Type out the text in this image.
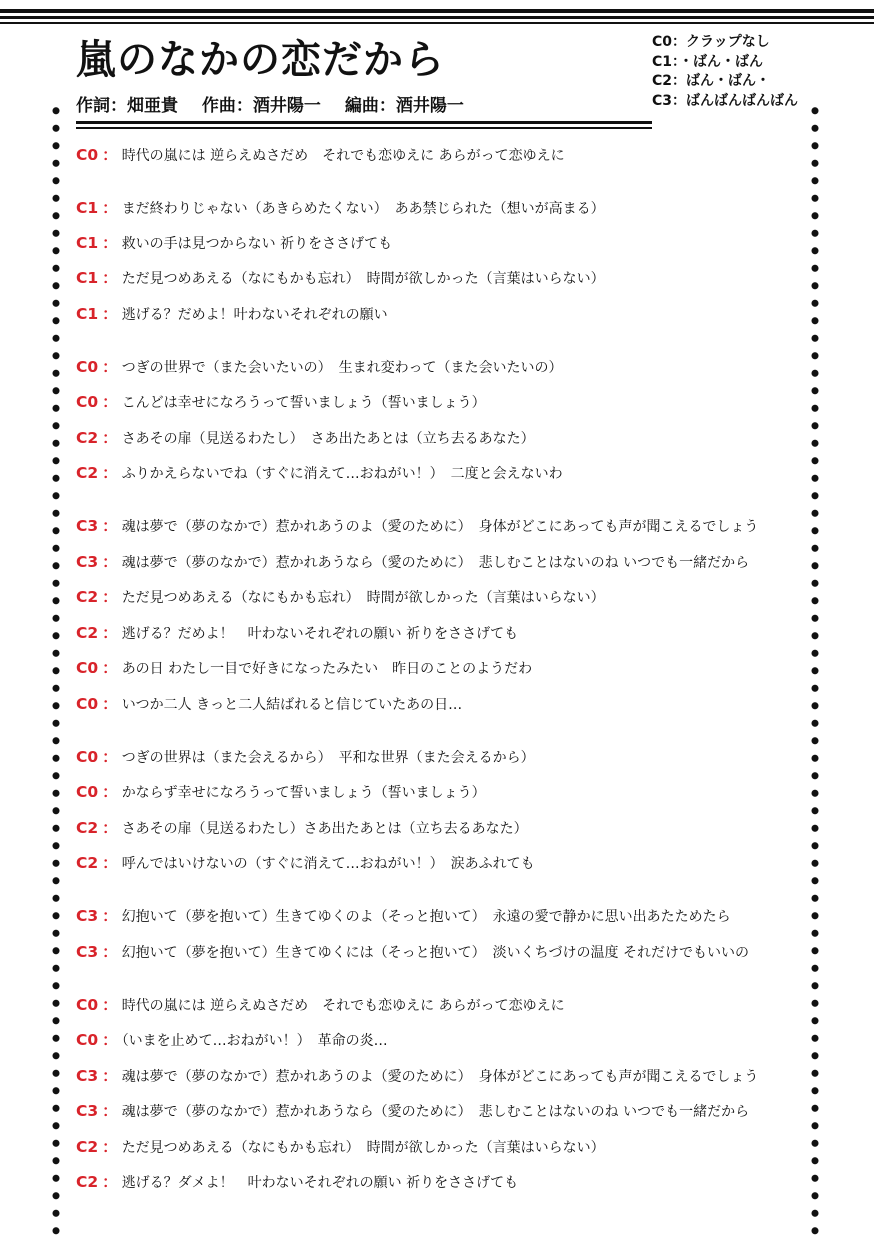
嵐のなかの恋だから
作詞：畑亜貴 作曲：酒井陽一 編曲：酒井陽一
C0：クラップなし
C1：・ばん・ばん
C2：ばん・ばん・
C3：ばんばんばんばん
C0 ： 時代の嵐には 逆らえぬさだめ　それでも恋ゆえに あらがって恋ゆえに
C1 ： まだ終わりじゃない（あきらめたくない）　ああ禁じられた（想いが高まる）
C1 ： 救いの手は見つからない 祈りをささげても
C1 ： ただ見つめあえる（なにもかも忘れ）　時間が欲しかった（言葉はいらない）
C1 ： 逃げる？だめよ！叶わないそれぞれの願い
C0 ： つぎの世界で（また会いたいの）　生まれ変わって（また会いたいの）
C0 ： こんどは幸せになろうって誓いましょう（誓いましょう）
C2 ： さあその扉（見送るわたし）　さあ出たあとは（立ち去るあなた）
C2 ： ふりかえらないでね（すぐに消えて…おねがい！）　二度と会えないわ
C3 ： 魂は夢で（夢のなかで）惹かれあうのよ（愛のために）　身体がどこにあっても声が聞こえるでしょう
C3 ： 魂は夢で（夢のなかで）惹かれあうなら（愛のために）　悲しむことはないのね いつでも一緒だから
C2 ： ただ見つめあえる（なにもかも忘れ）　時間が欲しかった（言葉はいらない）
C2 ： 逃げる？だめよ！　叶わないそれぞれの願い 祈りをささげても
C0 ： あの日 わたし一目で好きになったみたい　昨日のことのようだわ
C0 ： いつか二人 きっと二人結ばれると信じていたあの日…
C0 ： つぎの世界は（また会えるから）　平和な世界（また会えるから）
C0 ： かならず幸せになろうって誓いましょう（誓いましょう）
C2 ： さあその扉（見送るわたし）さあ出たあとは（立ち去るあなた）
C2 ： 呼んではいけないの（すぐに消えて…おねがい！）　涙あふれても
C3 ： 幻抱いて（夢を抱いて）生きてゆくのよ（そっと抱いて）　永遠の愛で静かに思い出あたためたら
C3 ： 幻抱いて（夢を抱いて）生きてゆくには（そっと抱いて）　淡いくちづけの温度 それだけでもいいの
C0 ： 時代の嵐には 逆らえぬさだめ　それでも恋ゆえに あらがって恋ゆえに
C0 ： （いまを止めて…おねがい！）　革命の炎…
C3 ： 魂は夢で（夢のなかで）惹かれあうのよ（愛のために）　身体がどこにあっても声が聞こえるでしょう
C3 ： 魂は夢で（夢のなかで）惹かれあうなら（愛のために）　悲しむことはないのね いつでも一緒だから
C2 ： ただ見つめあえる（なにもかも忘れ）　時間が欲しかった（言葉はいらない）
C2 ： 逃げる？ダメよ！　叶わないそれぞれの願い 祈りをささげても
